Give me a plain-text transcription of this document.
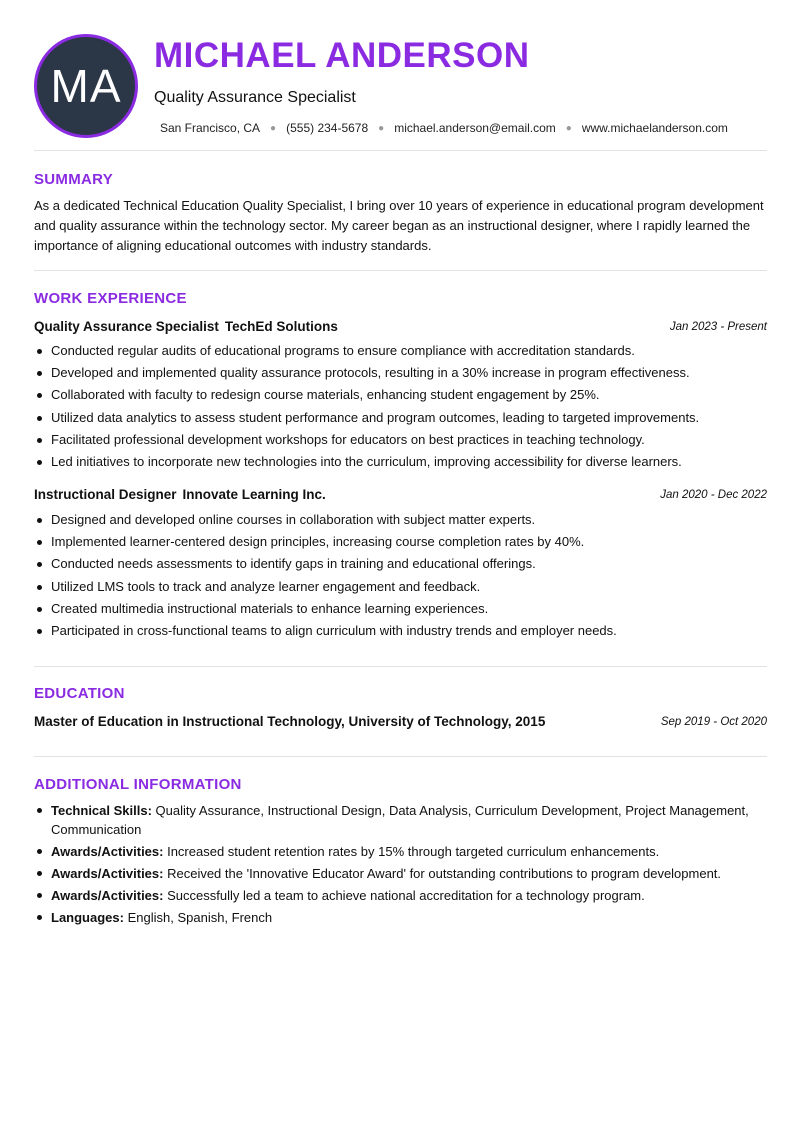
MA
MICHAEL ANDERSON
Quality Assurance Specialist
San Francisco, CA ● (555) 234-5678 ● michael.anderson@email.com ● www.michaelanderson.com
SUMMARY
As a dedicated Technical Education Quality Specialist, I bring over 10 years of experience in educational program development and quality assurance within the technology sector. My career began as an instructional designer, where I rapidly learned the importance of aligning educational outcomes with industry standards.
WORK EXPERIENCE
Quality Assurance Specialist TechEd Solutions	Jan 2023 - Present
Conducted regular audits of educational programs to ensure compliance with accreditation standards.
Developed and implemented quality assurance protocols, resulting in a 30% increase in program effectiveness.
Collaborated with faculty to redesign course materials, enhancing student engagement by 25%.
Utilized data analytics to assess student performance and program outcomes, leading to targeted improvements.
Facilitated professional development workshops for educators on best practices in teaching technology.
Led initiatives to incorporate new technologies into the curriculum, improving accessibility for diverse learners.
Instructional Designer Innovate Learning Inc.	Jan 2020 - Dec 2022
Designed and developed online courses in collaboration with subject matter experts.
Implemented learner-centered design principles, increasing course completion rates by 40%.
Conducted needs assessments to identify gaps in training and educational offerings.
Utilized LMS tools to track and analyze learner engagement and feedback.
Created multimedia instructional materials to enhance learning experiences.
Participated in cross-functional teams to align curriculum with industry trends and employer needs.
EDUCATION
Master of Education in Instructional Technology, University of Technology, 2015	Sep 2019 - Oct 2020
ADDITIONAL INFORMATION
Technical Skills: Quality Assurance, Instructional Design, Data Analysis, Curriculum Development, Project Management, Communication
Awards/Activities: Increased student retention rates by 15% through targeted curriculum enhancements.
Awards/Activities: Received the 'Innovative Educator Award' for outstanding contributions to program development.
Awards/Activities: Successfully led a team to achieve national accreditation for a technology program.
Languages: English, Spanish, French
